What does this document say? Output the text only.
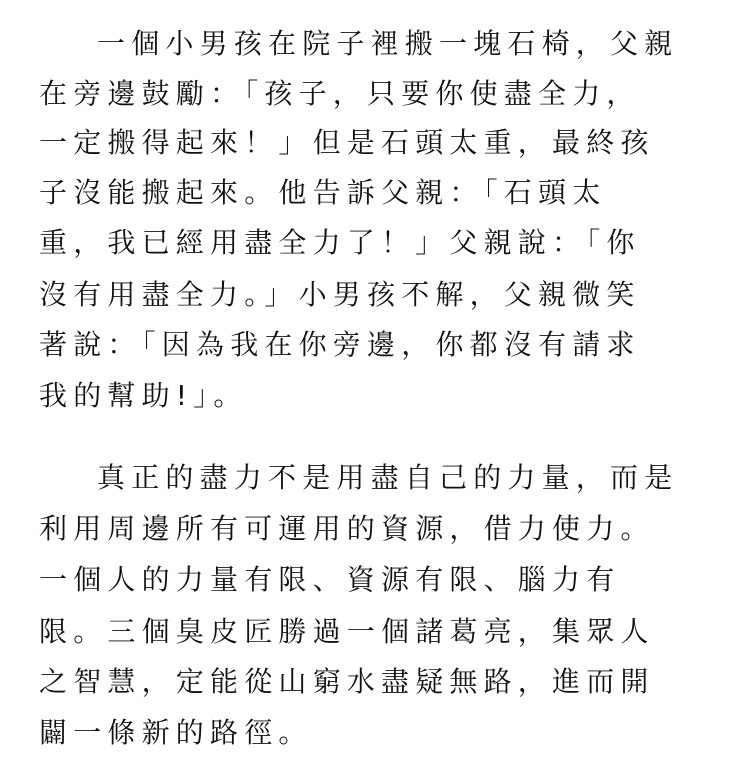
一個小男孩在院子裡搬一塊石椅，父親

在旁邊鼓勵：「孩子，只要你使盡全力，

一定搬得起來！」但是石頭太重，最終孩

子沒能搬起來。他告訴父親：「石頭太

重，我已經用盡全力了！」父親說：「你

沒有用盡全力。」小男孩不解，父親微笑

著說：「因為我在你旁邊，你都沒有請求

我的幫助!」。

真正的盡力不是用盡自己的力量，而是

利用周邊所有可運用的資源，借力使力。

一個人的力量有限、資源有限、腦力有

限。三個臭皮匠勝過一個諸葛亮，集眾人

之智慧，定能從山窮水盡疑無路，進而開

闢一條新的路徑。
